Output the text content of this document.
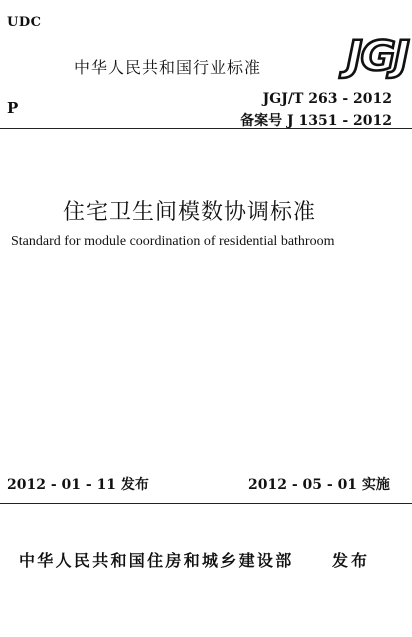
UDC
P
中华人民共和国行业标准 JGJ
JGJ/T 263 - 2012
备案号 J 1351 - 2012
住宅卫生间模数协调标准
Standard for module coordination of residential bathroom
2012 - 01 - 11 发布	2012 - 05 - 01 实施
中华人民共和国住房和城乡建设部 发布
